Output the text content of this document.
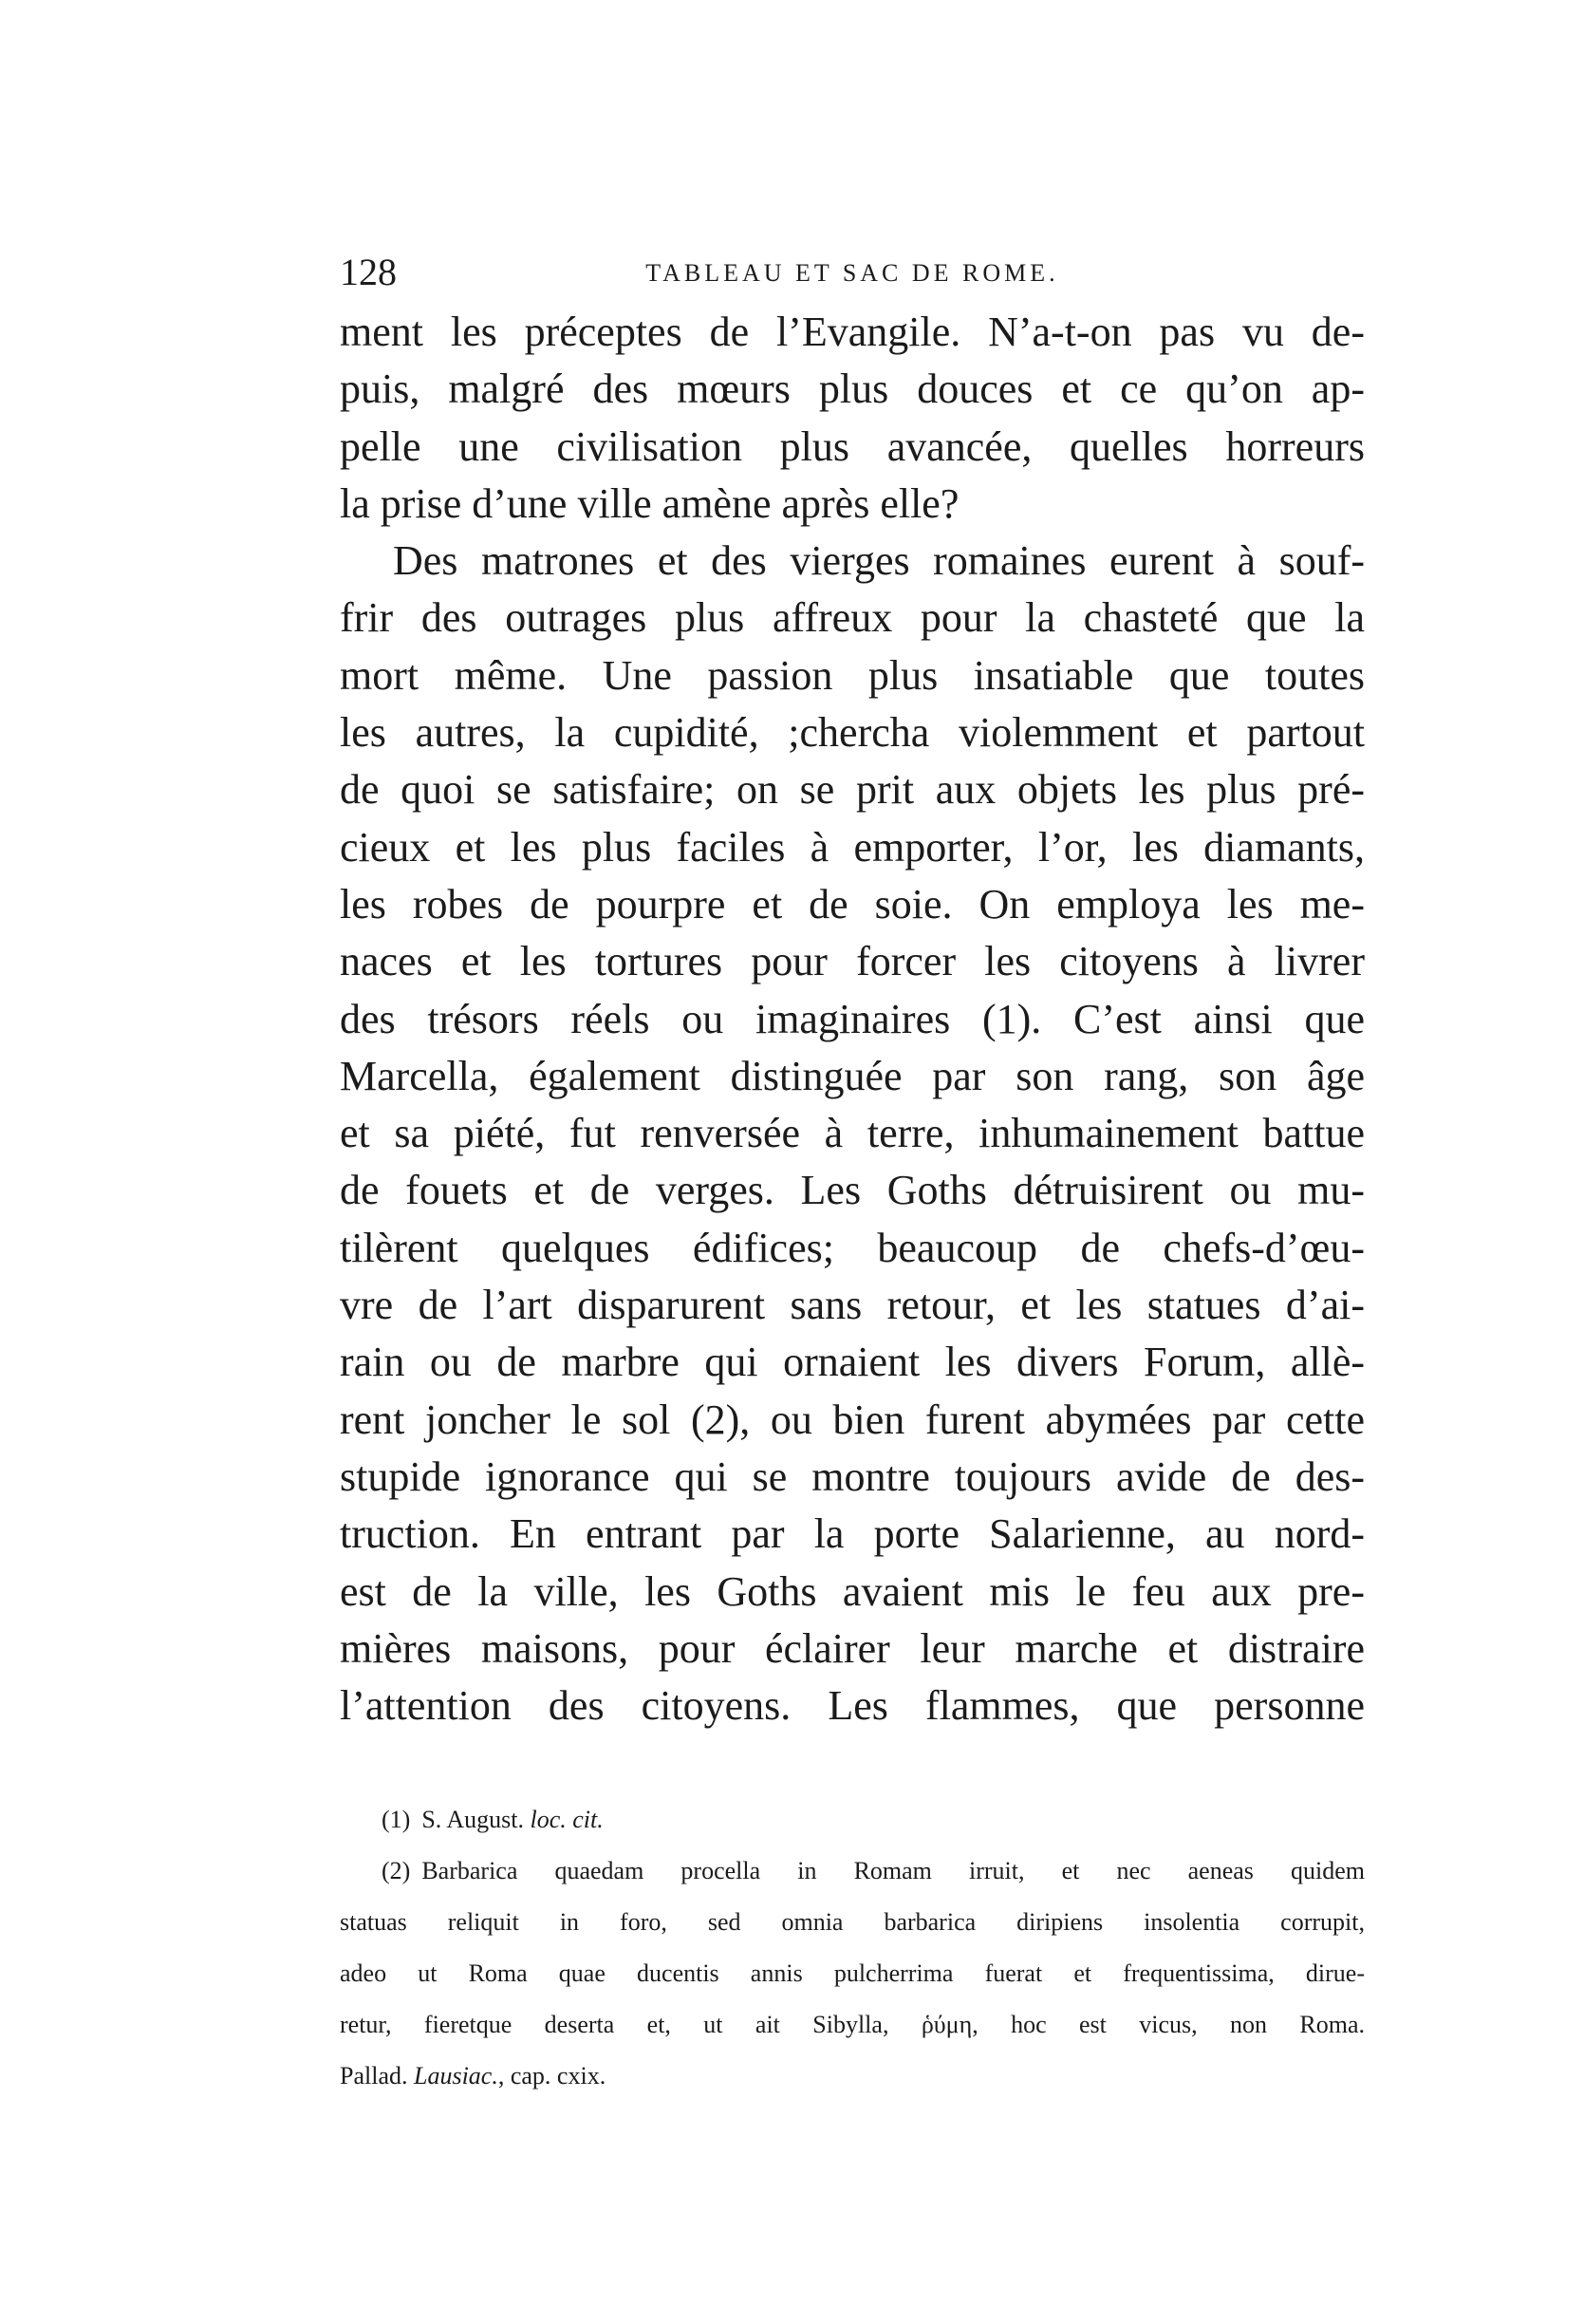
128	TABLEAU ET SAC DE ROME.
ment les préceptes de l’Evangile. N’a-t-on pas vu de-
puis, malgré des mœurs plus douces et ce qu’on ap-
pelle une civilisation plus avancée, quelles horreurs
la prise d’une ville amène après elle?
Des matrones et des vierges romaines eurent à souf-
frir des outrages plus affreux pour la chasteté que la
mort même. Une passion plus insatiable que toutes
les autres, la cupidité, ;chercha violemment et partout
de quoi se satisfaire; on se prit aux objets les plus pré-
cieux et les plus faciles à emporter, l’or, les diamants,
les robes de pourpre et de soie. On employa les me-
naces et les tortures pour forcer les citoyens à livrer
des trésors réels ou imaginaires (1). C’est ainsi que
Marcella, également distinguée par son rang, son âge
et sa piété, fut renversée à terre, inhumainement battue
de fouets et de verges. Les Goths détruisirent ou mu-
tilèrent quelques édifices; beaucoup de chefs-d’œu-
vre de l’art disparurent sans retour, et les statues d’ai-
rain ou de marbre qui ornaient les divers Forum, allè-
rent joncher le sol (2), ou bien furent abymées par cette
stupide ignorance qui se montre toujours avide de des-
truction. En entrant par la porte Salarienne, au nord-
est de la ville, les Goths avaient mis le feu aux pre-
mières maisons, pour éclairer leur marche et distraire
l’attention des citoyens. Les flammes, que personne
(1) S. August. loc. cit.
(2) Barbarica quaedam procella in Romam irruit, et nec aeneas quidem
statuas reliquit in foro, sed omnia barbarica diripiens insolentia corrupit,
adeo ut Roma quae ducentis annis pulcherrima fuerat et frequentissima, dirue-
retur, fieretque deserta et, ut ait Sibylla, ῥύμη, hoc est vicus, non Roma.
Pallad. Lausiac., cap. cxix.
